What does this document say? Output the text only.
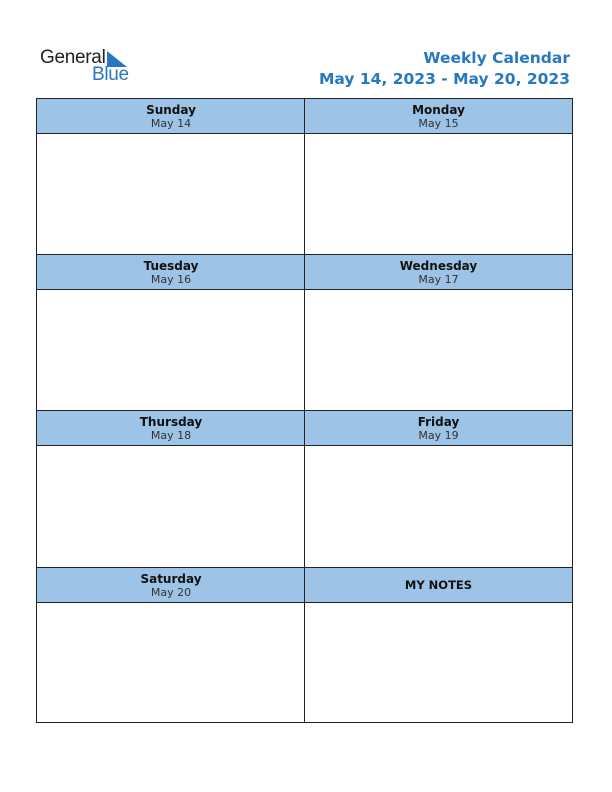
General
Blue
Weekly Calendar
May 14, 2023 - May 20, 2023
Sunday
May 14
Monday
May 15
Tuesday
May 16
Wednesday
May 17
Thursday
May 18
Friday
May 19
Saturday
May 20
MY NOTES
